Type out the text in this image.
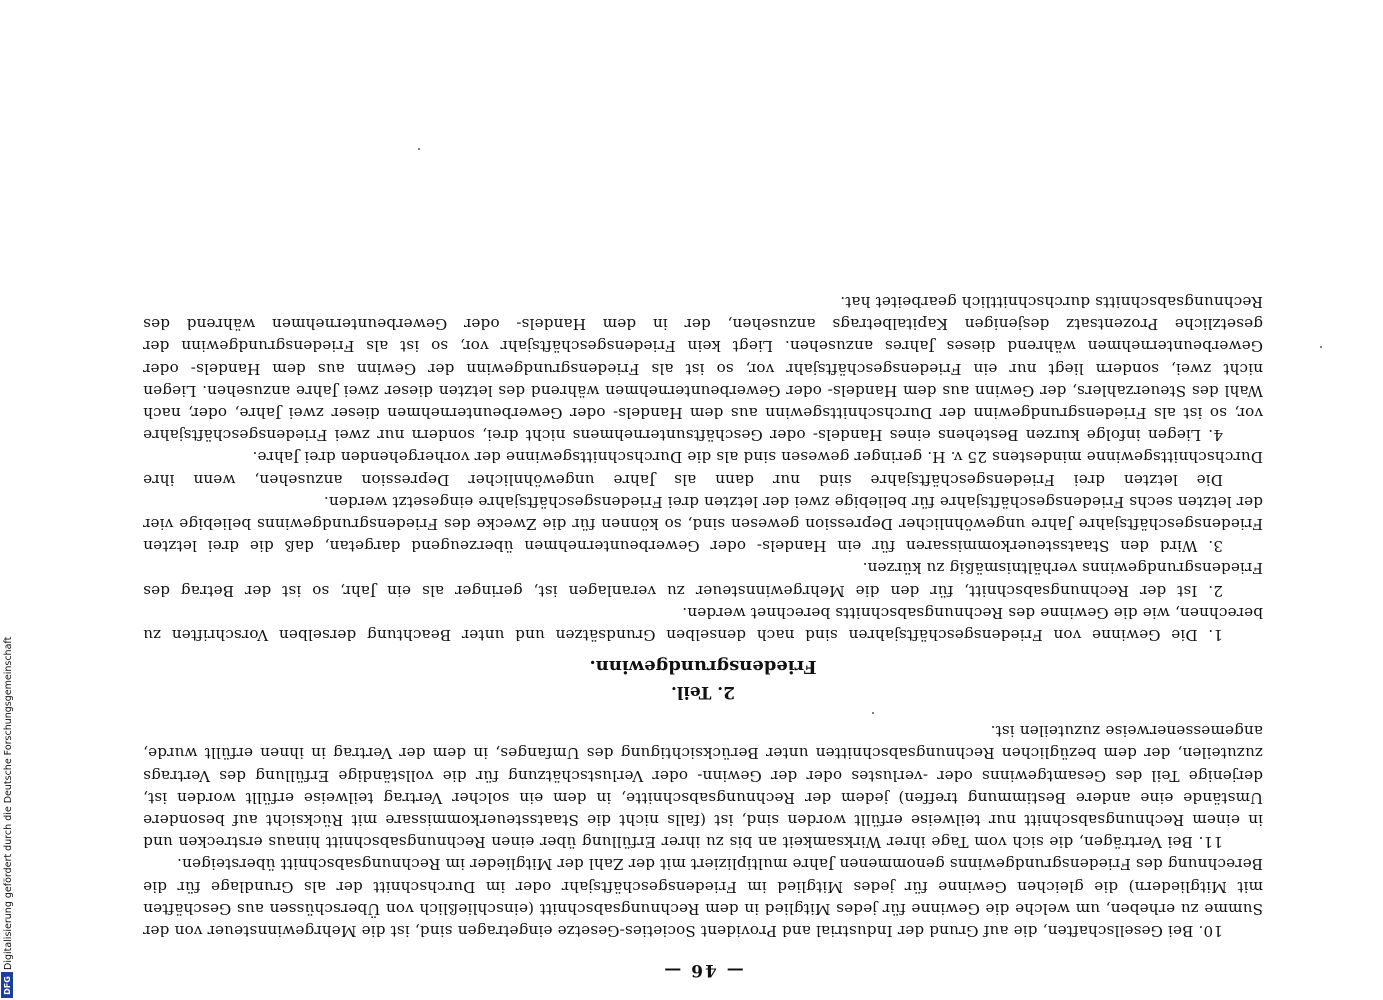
— 46 —

10. Bei Gesellschaften, die auf Grund der Industrial and Provident Societies-Gesetze eingetragen sind, ist die Mehrgewinnsteuer von der Summe zu erheben, um welche die Gewinne für jedes Mitglied in dem Rechnungsabschnitt (einschließlich von Überschüssen aus Geschäften mit Mitgliedern) die gleichen Gewinne für jedes Mitglied im Friedensgeschäftsjahr oder im Durchschnitt der als Grundlage für die Berechnung des Friedensgrundgewinns genommenen Jahre multipliziert mit der Zahl der Mitglieder im Rechnungsabschnitt übersteigen.

11. Bei Verträgen, die sich vom Tage ihrer Wirksamkeit an bis zu ihrer Erfüllung über einen Rechnungsabschnitt hinaus erstrecken und in einem Rechnungsabschnitt nur teilweise erfüllt worden sind, ist (falls nicht die Staatssteuerkommissare mit Rücksicht auf besondere Umstände eine andere Bestimmung treffen) jedem der Rechnungsabschnitte, in dem ein solcher Vertrag teilweise erfüllt worden ist, derjenige Teil des Gesamtgewinns oder -verlustes oder der Gewinn- oder Verlustschätzung für die vollständige Erfüllung des Vertrags zuzuteilen, der dem bezüglichen Rechnungsabschnitten unter Berücksichtigung des Umfanges, in dem der Vertrag in ihnen erfüllt wurde, angemessenerweise zuzuteilen ist.

2. Teil.
Friedensgrundgewinn.

1. Die Gewinne von Friedensgeschäftsjahren sind nach denselben Grundsätzen und unter Beachtung derselben Vorschriften zu berechnen, wie die Gewinne des Rechnungsabschnitts berechnet werden.

2. Ist der Rechnungsabschnitt, für den die Mehrgewinnsteuer zu veranlagen ist, geringer als ein Jahr, so ist der Betrag des Friedensgrundgewinns verhältnismäßig zu kürzen.

3. Wird den Staatssteuerkommissaren für ein Handels- oder Gewerbeunternehmen überzeugend dargetan, daß die drei letzten Friedensgeschäftsjahre Jahre ungewöhnlicher Depression gewesen sind, so können für die Zwecke des Friedensgrundgewinns beliebige vier der letzten sechs Friedensgeschäftsjahre für beliebige zwei der letzten drei Friedensgeschäftsjahre eingesetzt werden.

Die letzten drei Friedensgeschäftsjahre sind nur dann als Jahre ungewöhnlicher Depression anzusehen, wenn ihre Durchschnittsgewinne mindestens 25 v. H. geringer gewesen sind als die Durchschnittsgewinne der vorhergehenden drei Jahre.

4. Liegen infolge kurzen Bestehens eines Handels- oder Geschäftsunternehmens nicht drei, sondern nur zwei Friedensgeschäftsjahre vor, so ist als Friedensgrundgewinn der Durchschnittsgewinn aus dem Handels- oder Gewerbeunternehmen dieser zwei Jahre, oder, nach Wahl des Steuerzahlers, der Gewinn aus dem Handels- oder Gewerbeunternehmen während des letzten dieser zwei Jahre anzusehen. Liegen nicht zwei, sondern liegt nur ein Friedensgeschäftsjahr vor, so ist als Friedensgrundgewinn der Gewinn aus dem Handels- oder Gewerbeunternehmen während dieses Jahres anzusehen. Liegt kein Friedensgeschäftsjahr vor, so ist als Friedensgrundgewinn der gesetzliche Prozentsatz desjenigen Kapitalbetrags anzusehen, der in dem Handels- oder Gewerbeunternehmen während des Rechnungsabschnitts durchschnittlich gearbeitet hat.

Digitalisierung gefördert durch die Deutsche Forschungsgemeinschaft
DFG
